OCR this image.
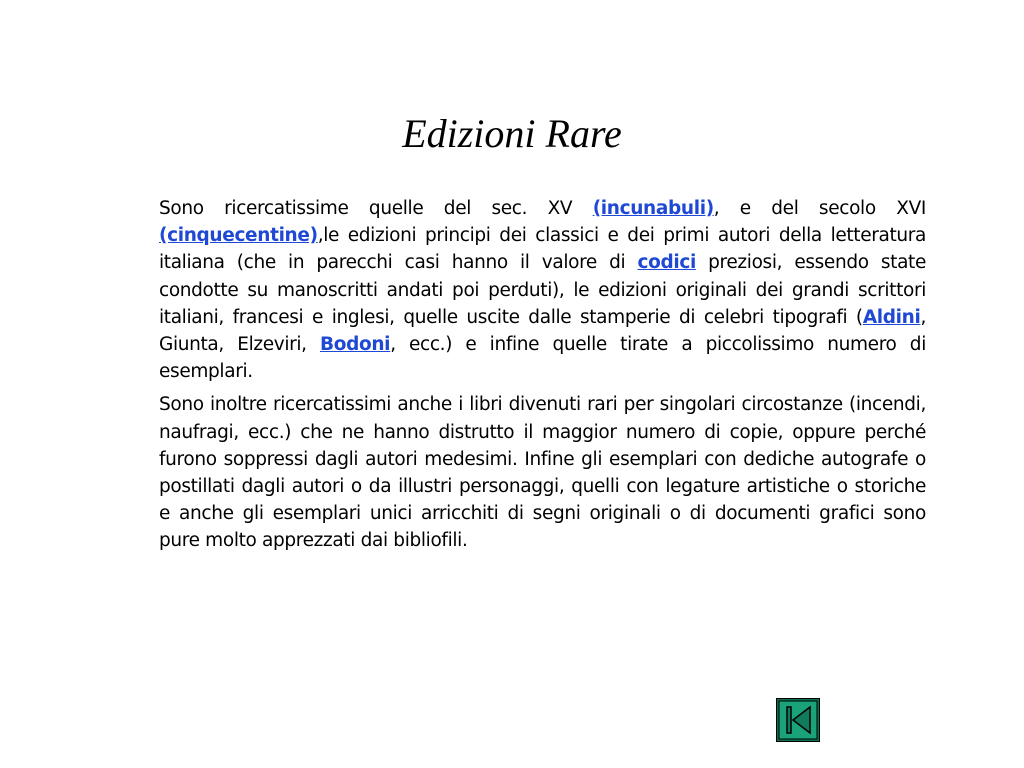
Edizioni Rare

Sono ricercatissime quelle del sec. XV (incunabuli), e del secolo XVI (cinquecentine),le edizioni principi dei classici e dei primi autori della letteratura italiana (che in parecchi casi hanno il valore di codici preziosi, essendo state condotte su manoscritti andati poi perduti), le edizioni originali dei grandi scrittori italiani, francesi e inglesi, quelle uscite dalle stamperie di celebri tipografi (Aldini, Giunta, Elzeviri, Bodoni, ecc.) e infine quelle tirate a piccolissimo numero di esemplari.

Sono inoltre ricercatissimi anche i libri divenuti rari per singolari circostanze (incendi, naufragi, ecc.) che ne hanno distrutto il maggior numero di copie, oppure perché furono soppressi dagli autori medesimi. Infine gli esemplari con dediche autografe o postillati dagli autori o da illustri personaggi, quelli con legature artistiche o storiche e anche gli esemplari unici arricchiti di segni originali o di documenti grafici sono pure molto apprezzati dai bibliofili.
